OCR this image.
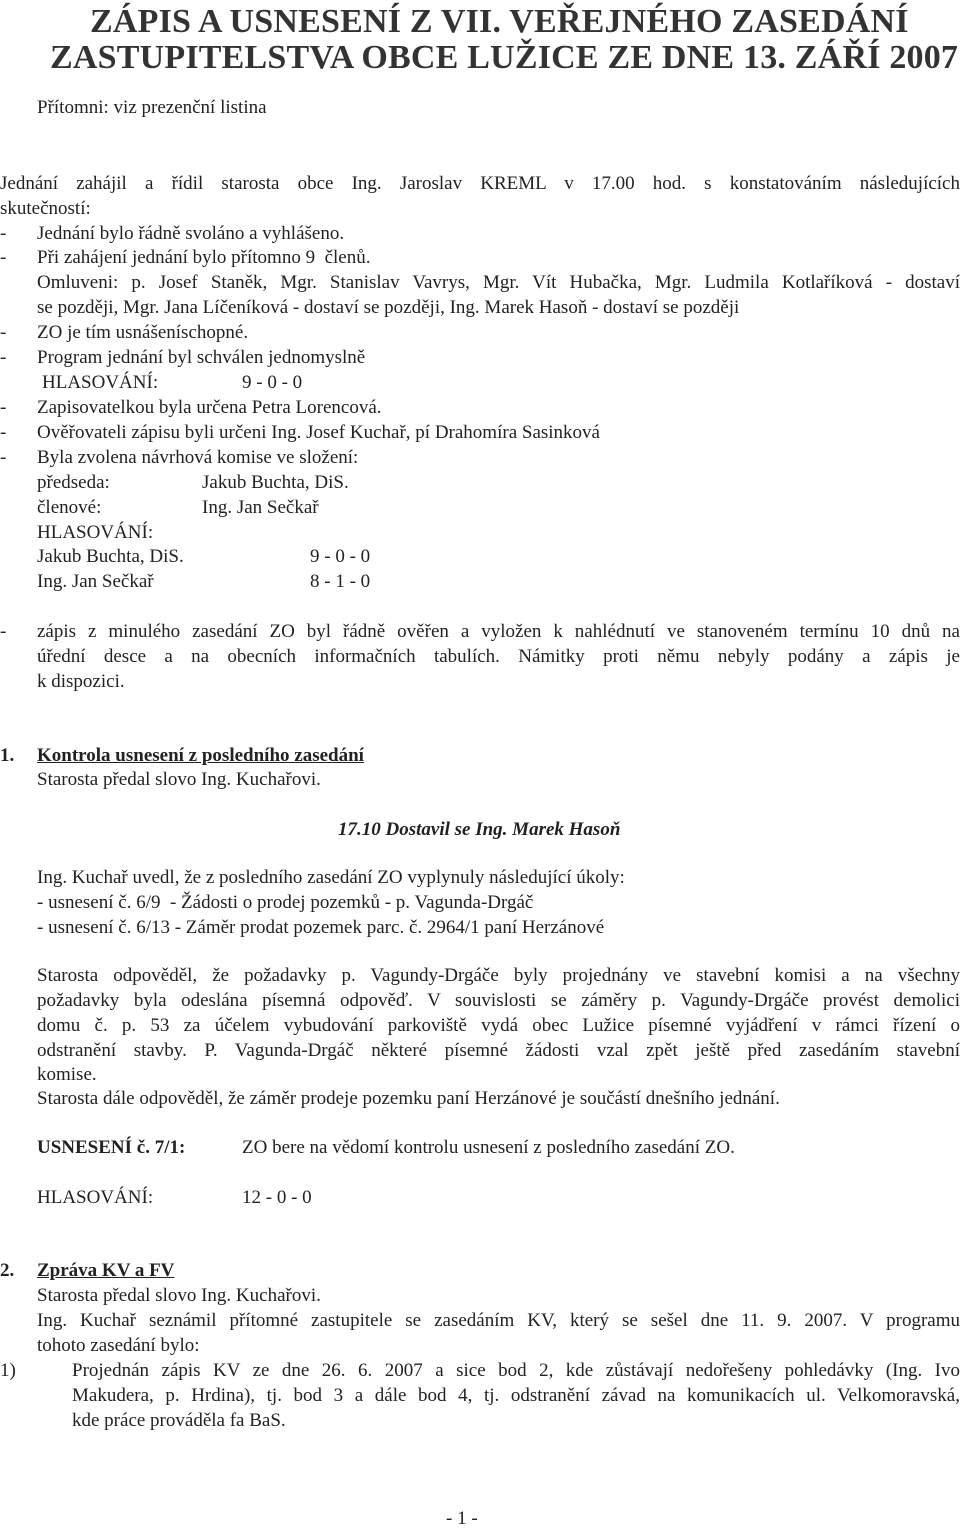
ZÁPIS A USNESENÍ Z VII. VEŘEJNÉHO ZASEDÁNÍ
ZASTUPITELSTVA OBCE LUŽICE ZE DNE 13. ZÁŘÍ 2007
Přítomni: viz prezenční listina
Jednání zahájil a řídil starosta obce Ing. Jaroslav KREML v 17.00 hod. s konstatováním následujících
skutečností:
- Jednání bylo řádně svoláno a vyhlášeno.
- Při zahájení jednání bylo přítomno 9  členů.
Omluveni: p. Josef Staněk, Mgr. Stanislav Vavrys, Mgr. Vít Hubačka, Mgr. Ludmila Kotlaříková - dostaví
se později, Mgr. Jana Líčeníková - dostaví se později, Ing. Marek Hasoň - dostaví se později
- ZO je tím usnášeníschopné.
- Program jednání byl schválen jednomyslně
HLASOVÁNÍ:	9 - 0 - 0
- Zapisovatelkou byla určena Petra Lorencová.
- Ověřovateli zápisu byli určeni Ing. Josef Kuchař, pí Drahomíra Sasinková
- Byla zvolena návrhová komise ve složení:
předseda:	Jakub Buchta, DiS.
členové:	Ing. Jan Sečkař
HLASOVÁNÍ:
Jakub Buchta, DiS.	9 - 0 - 0
Ing. Jan Sečkař	8 - 1 - 0
- zápis z minulého zasedání ZO byl řádně ověřen a vyložen k nahlédnutí ve stanoveném termínu 10 dnů na
úřední desce a na obecních informačních tabulích. Námitky proti němu nebyly podány a zápis je
k dispozici.
1. Kontrola usnesení z posledního zasedání
Starosta předal slovo Ing. Kuchařovi.
17.10 Dostavil se Ing. Marek Hasoň
Ing. Kuchař uvedl, že z posledního zasedání ZO vyplynuly následující úkoly:
- usnesení č. 6/9  - Žádosti o prodej pozemků - p. Vagunda-Drgáč
- usnesení č. 6/13 - Záměr prodat pozemek parc. č. 2964/1 paní Herzánové
Starosta odpověděl, že požadavky p. Vagundy-Drgáče byly projednány ve stavební komisi a na všechny
požadavky byla odeslána písemná odpověď. V souvislosti se záměry p. Vagundy-Drgáče provést demolici
domu č. p. 53 za účelem vybudování parkoviště vydá obec Lužice písemné vyjádření v rámci řízení o
odstranění stavby. P. Vagunda-Drgáč některé písemné žádosti vzal zpět ještě před zasedáním stavební
komise.
Starosta dále odpověděl, že záměr prodeje pozemku paní Herzánové je součástí dnešního jednání.
USNESENÍ č. 7/1:	ZO bere na vědomí kontrolu usnesení z posledního zasedání ZO.
HLASOVÁNÍ:	12 - 0 - 0
2. Zpráva KV a FV
Starosta předal slovo Ing. Kuchařovi.
Ing. Kuchař seznámil přítomné zastupitele se zasedáním KV, který se sešel dne 11. 9. 2007. V programu
tohoto zasedání bylo:
1)	Projednán zápis KV ze dne 26. 6. 2007 a sice bod 2, kde zůstávají nedořešeny pohledávky (Ing. Ivo
Makudera, p. Hrdina), tj. bod 3 a dále bod 4, tj. odstranění závad na komunikacích ul. Velkomoravská,
kde práce prováděla fa BaS.
- 1 -
